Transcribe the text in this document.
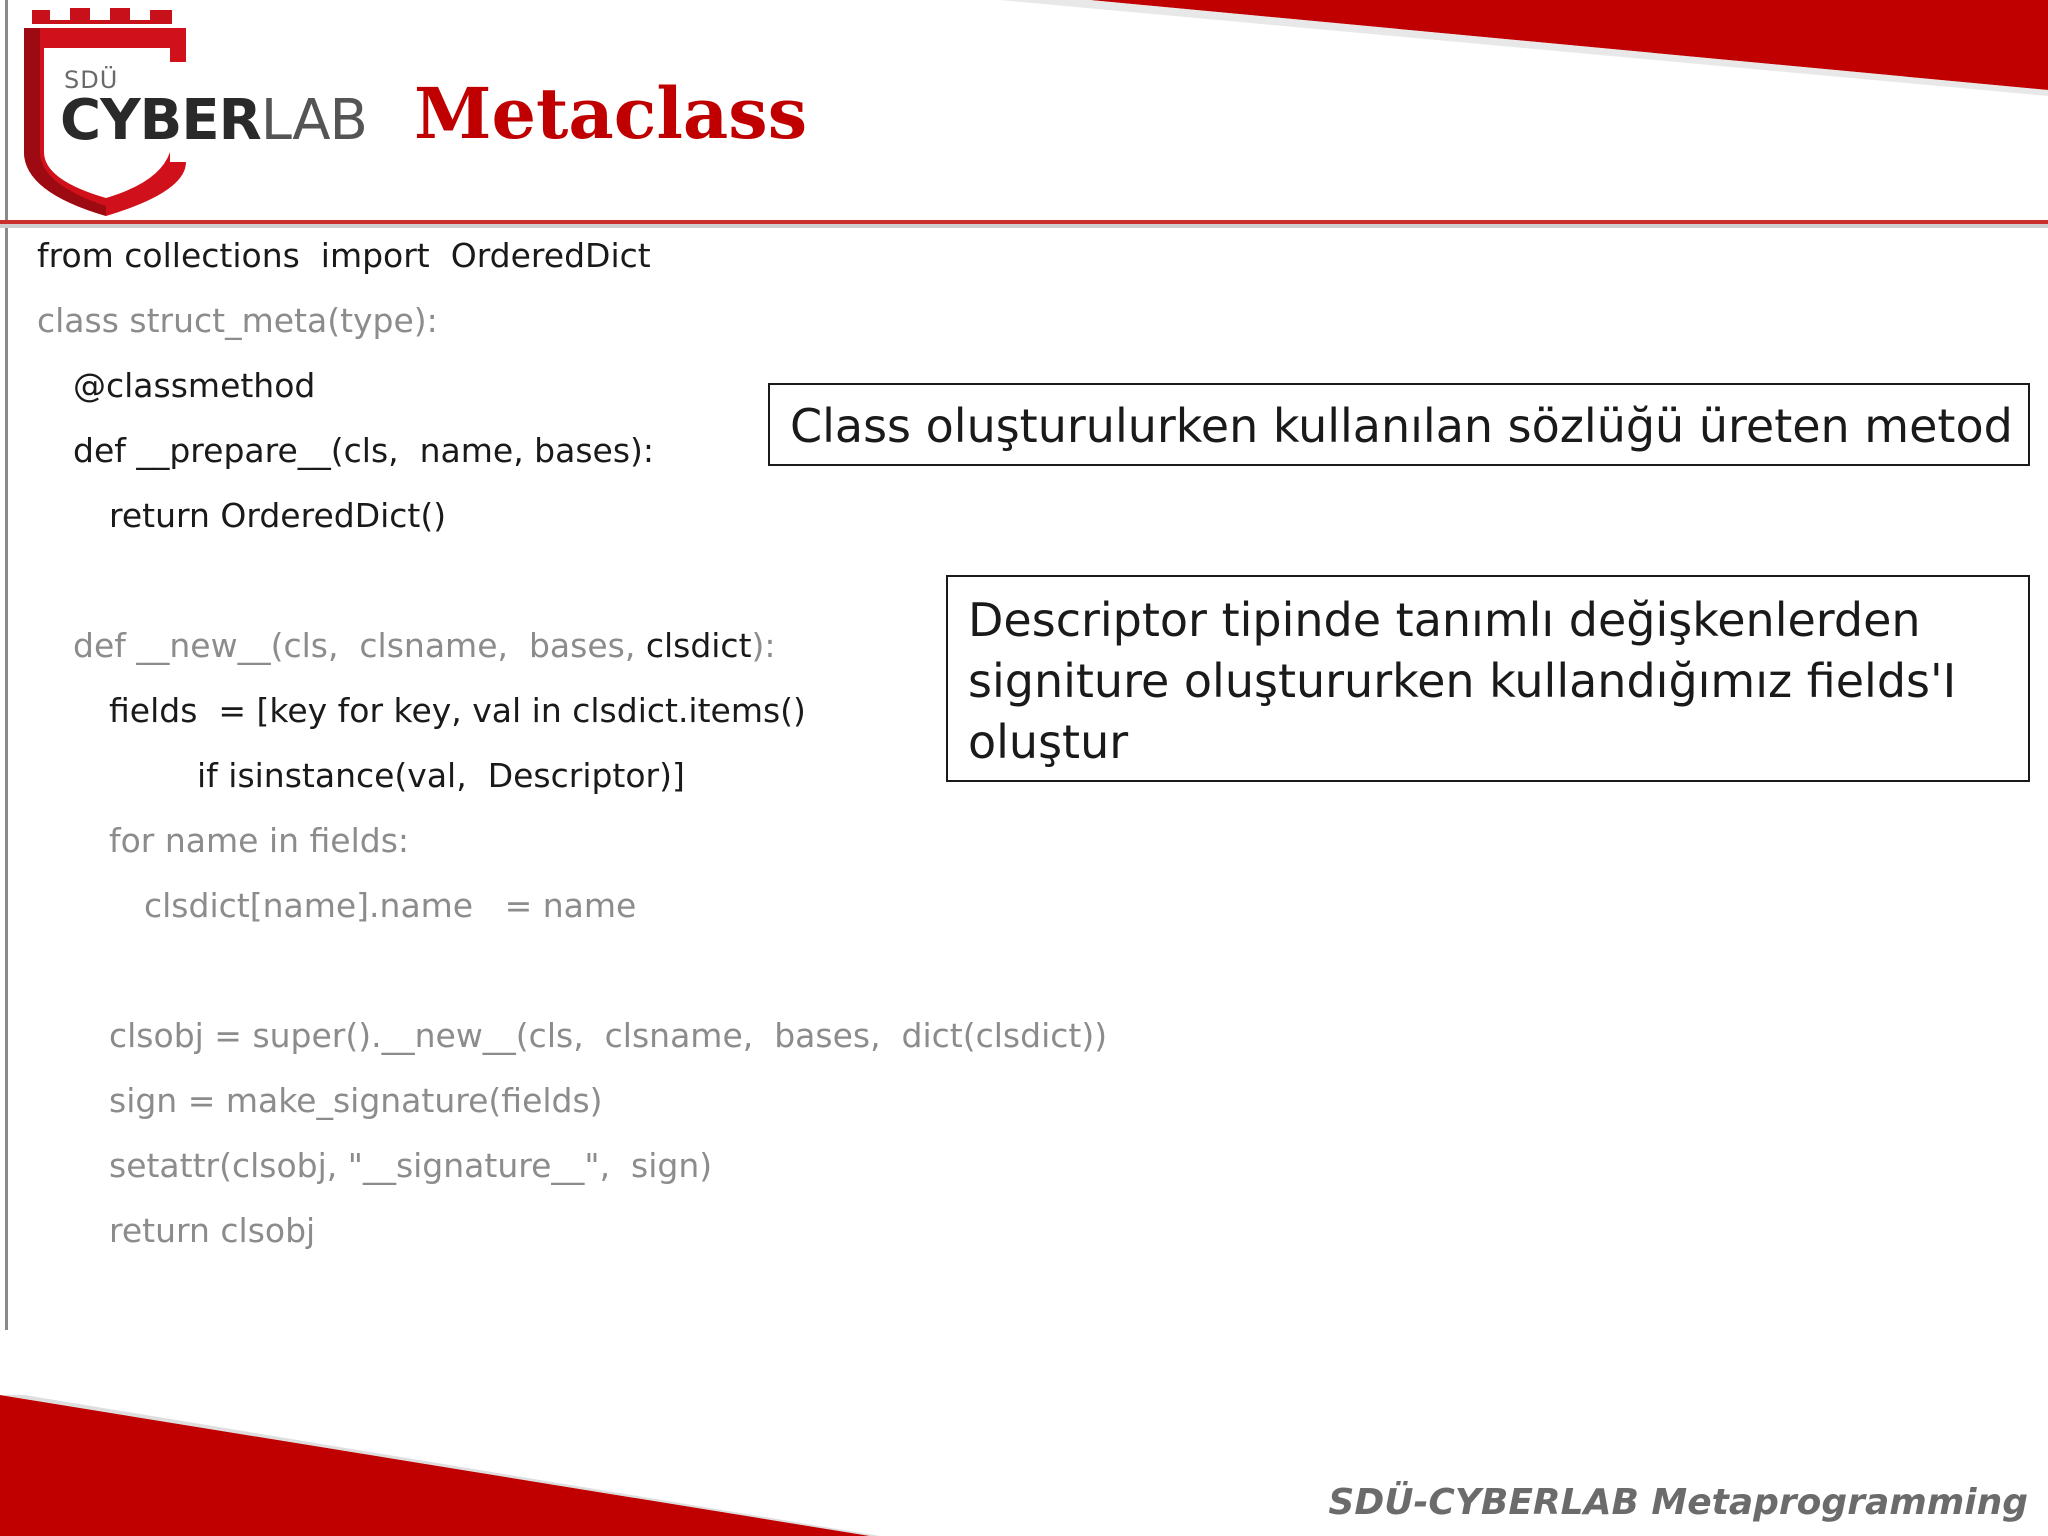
SDÜ
CYBERLAB Metaclass
from collections  import  OrderedDict
class struct_meta(type):
@classmethod
def __prepare__(cls,  name, bases):
return OrderedDict()
def __new__(cls,  clsname,  bases, clsdict):
fields  = [key for key, val in clsdict.items()
if isinstance(val,  Descriptor)]
for name in fields:
clsdict[name].name   = name
clsobj = super().__new__(cls,  clsname,  bases,  dict(clsdict))
sign = make_signature(fields)
setattr(clsobj, "__signature__",  sign)
return clsobj
Class oluşturulurken kullanılan sözlüğü üreten metod
Descriptor tipinde tanımlı değişkenlerden signiture oluştururken kullandığımız fields'I oluştur
SDÜ-CYBERLAB Metaprogramming
